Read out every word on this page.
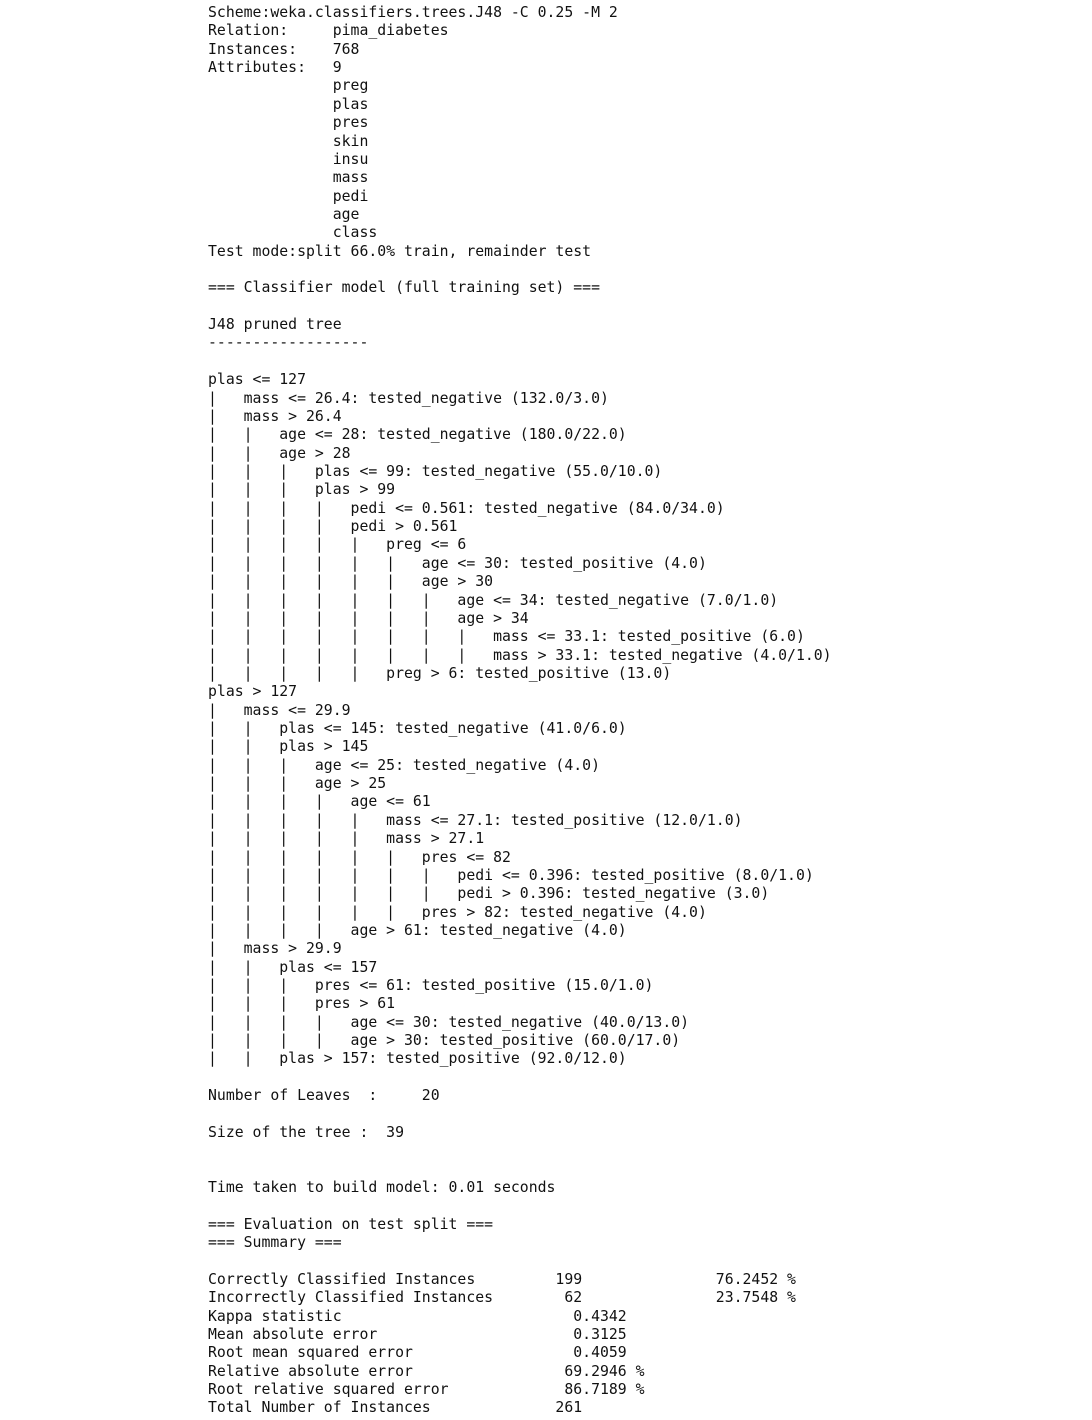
Scheme:weka.classifiers.trees.J48 -C 0.25 -M 2
Relation:     pima_diabetes
Instances:    768
Attributes:   9
preg
plas
pres
skin
insu
mass
pedi
age
class
Test mode:split 66.0% train, remainder test
=== Classifier model (full training set) ===
J48 pruned tree
------------------
plas <= 127
|   mass <= 26.4: tested_negative (132.0/3.0)
|   mass > 26.4
|   |   age <= 28: tested_negative (180.0/22.0)
|   |   age > 28
|   |   |   plas <= 99: tested_negative (55.0/10.0)
|   |   |   plas > 99
|   |   |   |   pedi <= 0.561: tested_negative (84.0/34.0)
|   |   |   |   pedi > 0.561
|   |   |   |   |   preg <= 6
|   |   |   |   |   |   age <= 30: tested_positive (4.0)
|   |   |   |   |   |   age > 30
|   |   |   |   |   |   |   age <= 34: tested_negative (7.0/1.0)
|   |   |   |   |   |   |   age > 34
|   |   |   |   |   |   |   |   mass <= 33.1: tested_positive (6.0)
|   |   |   |   |   |   |   |   mass > 33.1: tested_negative (4.0/1.0)
|   |   |   |   |   preg > 6: tested_positive (13.0)
plas > 127
|   mass <= 29.9
|   |   plas <= 145: tested_negative (41.0/6.0)
|   |   plas > 145
|   |   |   age <= 25: tested_negative (4.0)
|   |   |   age > 25
|   |   |   |   age <= 61
|   |   |   |   |   mass <= 27.1: tested_positive (12.0/1.0)
|   |   |   |   |   mass > 27.1
|   |   |   |   |   |   pres <= 82
|   |   |   |   |   |   |   pedi <= 0.396: tested_positive (8.0/1.0)
|   |   |   |   |   |   |   pedi > 0.396: tested_negative (3.0)
|   |   |   |   |   |   pres > 82: tested_negative (4.0)
|   |   |   |   age > 61: tested_negative (4.0)
|   mass > 29.9
|   |   plas <= 157
|   |   |   pres <= 61: tested_positive (15.0/1.0)
|   |   |   pres > 61
|   |   |   |   age <= 30: tested_negative (40.0/13.0)
|   |   |   |   age > 30: tested_positive (60.0/17.0)
|   |   plas > 157: tested_positive (92.0/12.0)
Number of Leaves  :     20
Size of the tree :  39
Time taken to build model: 0.01 seconds
=== Evaluation on test split ===
=== Summary ===
Correctly Classified Instances         199               76.2452 %
Incorrectly Classified Instances        62               23.7548 %
Kappa statistic                          0.4342
Mean absolute error                      0.3125
Root mean squared error                  0.4059
Relative absolute error                 69.2946 %
Root relative squared error             86.7189 %
Total Number of Instances              261
